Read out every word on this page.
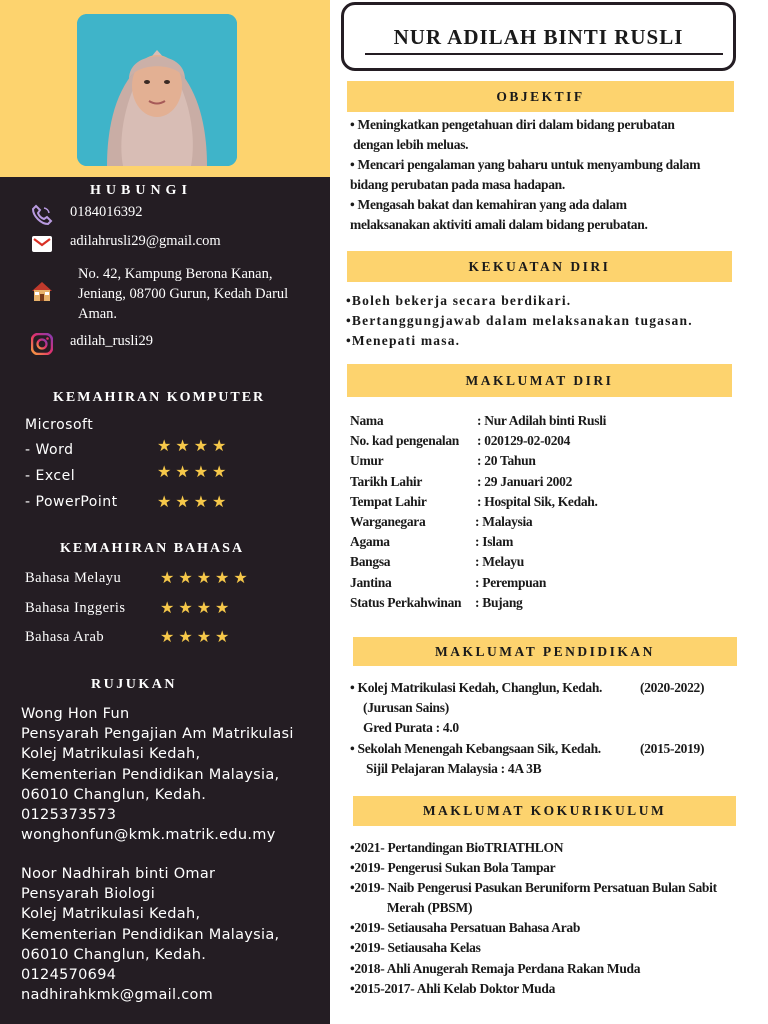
HUBUNGI
0184016392
adilahrusli29@gmail.com
No. 42, Kampung Berona Kanan, Jeniang, 08700 Gurun, Kedah Darul Aman.
adilah_rusli29
KEMAHIRAN KOMPUTER
Microsoft
- Word	★★★★
- Excel	★★★★
- PowerPoint ★★★★
KEMAHIRAN BAHASA
Bahasa Melayu ★★★★★
Bahasa Inggeris ★★★★
Bahasa Arab	★★★★
RUJUKAN
Wong Hon Fun
Pensyarah Pengajian Am Matrikulasi
Kolej Matrikulasi Kedah,
Kementerian Pendidikan Malaysia,
06010 Changlun, Kedah.
0125373573
wonghonfun@kmk.matrik.edu.my
Noor Nadhirah binti Omar
Pensyarah Biologi
Kolej Matrikulasi Kedah,
Kementerian Pendidikan Malaysia,
06010 Changlun, Kedah.
0124570694
nadhirahkmk@gmail.com
NUR ADILAH BINTI RUSLI
OBJEKTIF

• Meningkatkan pengetahuan diri dalam bidang perubatan

dengan lebih meluas.

• Mencari pengalaman yang baharu untuk menyambung dalam

bidang perubatan pada masa hadapan.

• Mengasah bakat dan kemahiran yang ada dalam

melaksanakan aktiviti amali dalam bidang perubatan.

KEKUATAN DIRI

•Boleh bekerja secara berdikari.

•Bertanggungjawab dalam melaksanakan tugasan.

•Menepati masa.

MAKLUMAT DIRI
Nama	: Nur Adilah binti Rusli
No. kad pengenalan	: 020129-02-0204
Umur	: 20 Tahun
Tarikh Lahir	: 29 Januari 2002
Tempat Lahir	: Hospital Sik, Kedah.
Warganegara	: Malaysia
Agama	: Islam
Bangsa	: Melayu
Jantina	: Perempuan
Status Perkahwinan	: Bujang
MAKLUMAT PENDIDIKAN
• Kolej Matrikulasi Kedah, Changlun, Kedah.	(2020-2022)
(Jurusan Sains)
Gred Purata : 4.0
• Sekolah Menengah Kebangsaan Sik, Kedah.	(2015-2019)
Sijil Pelajaran Malaysia : 4A 3B
MAKLUMAT KOKURIKULUM

•2021- Pertandingan BioTRIATHLON

•2019- Pengerusi Sukan Bola Tampar

•2019- Naib Pengerusi Pasukan Beruniform Persatuan Bulan Sabit

Merah (PBSM)

•2019- Setiausaha Persatuan Bahasa Arab

•2019- Setiausaha Kelas

•2018- Ahli Anugerah Remaja Perdana Rakan Muda

•2015-2017- Ahli Kelab Doktor Muda
